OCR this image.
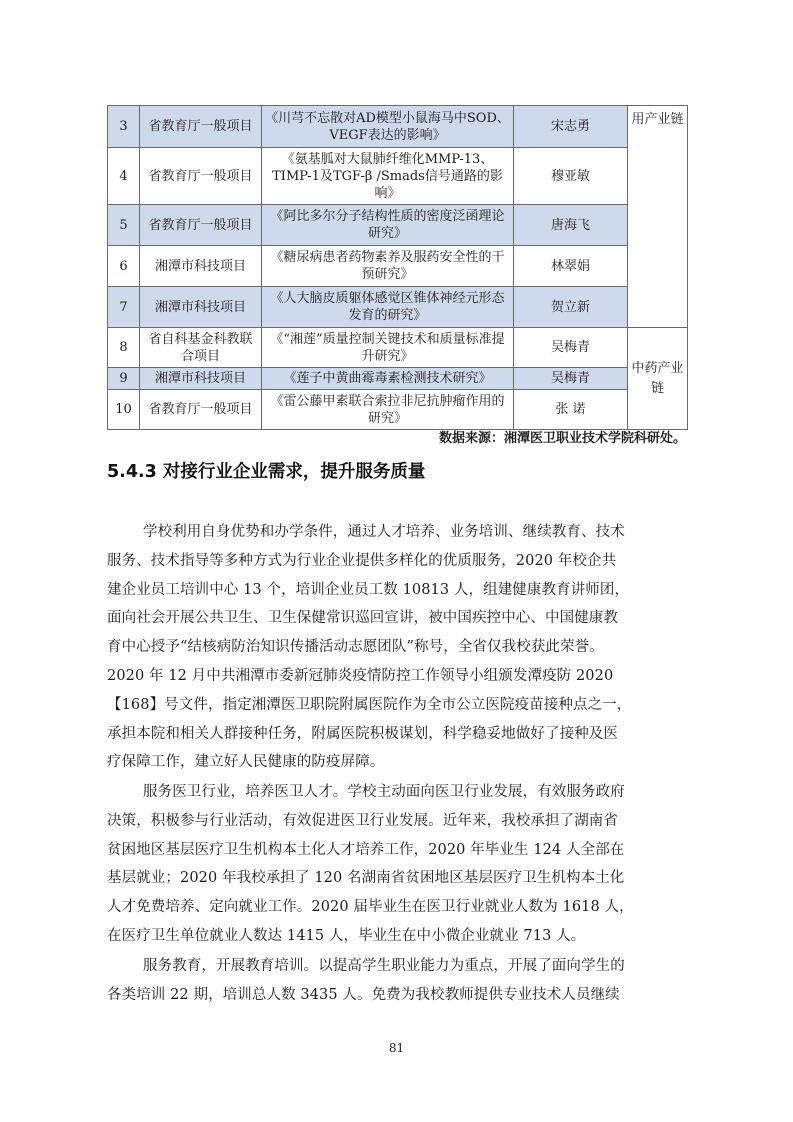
3	省教育厅一般项目	《川芎不忘散对AD模型小鼠海马中SOD、VEGF表达的影响》	宋志勇	用产业链
4	省教育厅一般项目	《氨基胍对大鼠肺纤维化MMP-13、TIMP-1及TGF-β /Smads信号通路的影响》	穆亚敏	
5	省教育厅一般项目	《阿比多尔分子结构性质的密度泛函理论研究》	唐海飞	
6	湘潭市科技项目	《糖尿病患者药物素养及服药安全性的干预研究》	林翠娟	
7	湘潭市科技项目	《人大脑皮质躯体感觉区锥体神经元形态发育的研究》	贺立新	
8	省自科基金科教联合项目	《“湘莲”质量控制关键技术和质量标准提升研究》	吴梅青	中药产业链
9	湘潭市科技项目	《莲子中黄曲霉毒素检测技术研究》	吴梅青	
10	省教育厅一般项目	《雷公藤甲素联合索拉非尼抗肿瘤作用的研究》	张 诺	
数据来源：湘潭医卫职业技术学院科研处。
5.4.3 对接行业企业需求，提升服务质量

学校利用自身优势和办学条件，通过人才培养、业务培训、继续教育、技术
服务、技术指导等多种方式为行业企业提供多样化的优质服务，2020 年校企共
建企业员工培训中心 13 个，培训企业员工数 10813 人，组建健康教育讲师团，
面向社会开展公共卫生、卫生保健常识巡回宣讲，被中国疾控中心、中国健康教
育中心授予“结核病防治知识传播活动志愿团队”称号，全省仅我校获此荣誉。
2020 年 12 月中共湘潭市委新冠肺炎疫情防控工作领导小组颁发潭疫防 2020
【168】号文件，指定湘潭医卫职院附属医院作为全市公立医院疫苗接种点之一，
承担本院和相关人群接种任务，附属医院积极谋划，科学稳妥地做好了接种及医
疗保障工作，建立好人民健康的防疫屏障。

服务医卫行业，培养医卫人才。学校主动面向医卫行业发展，有效服务政府
决策，积极参与行业活动，有效促进医卫行业发展。近年来，我校承担了湖南省
贫困地区基层医疗卫生机构本土化人才培养工作，2020 年毕业生 124 人全部在
基层就业；2020 年我校承担了 120 名湖南省贫困地区基层医疗卫生机构本土化
人才免费培养、定向就业工作。2020 届毕业生在医卫行业就业人数为 1618 人，
在医疗卫生单位就业人数达 1415 人，毕业生在中小微企业就业 713 人。

服务教育，开展教育培训。以提高学生职业能力为重点，开展了面向学生的
各类培训 22 期，培训总人数 3435 人。免费为我校教师提供专业技术人员继续

81
